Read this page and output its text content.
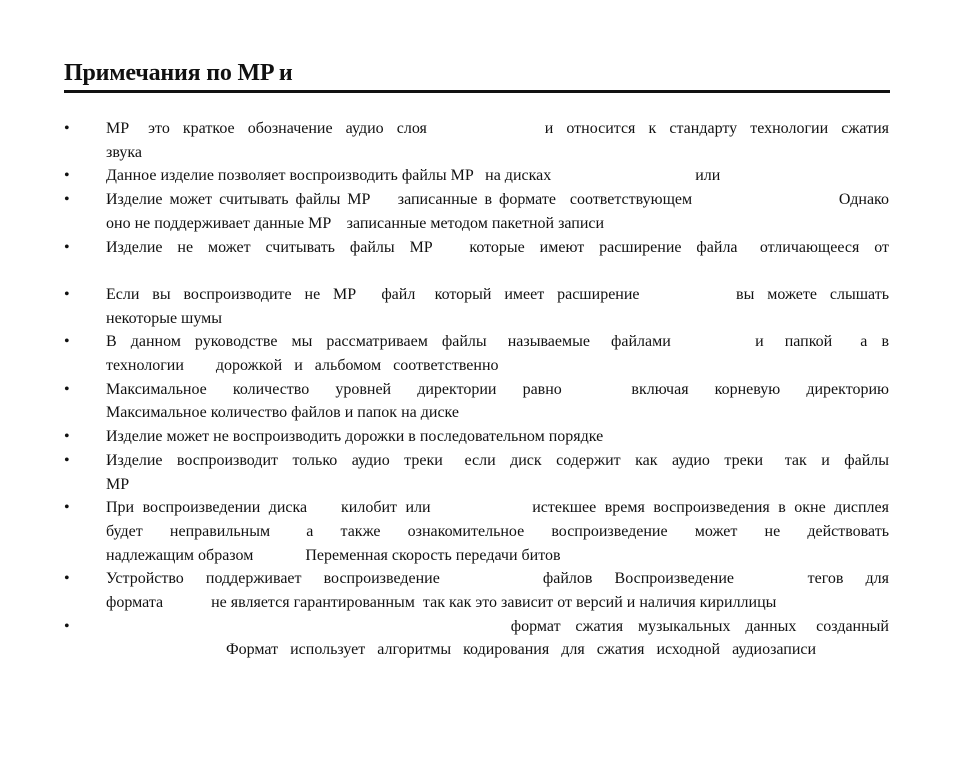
Примечания по MP и
•
MP   это  краткое  обозначение  аудио  слоя                  и  относится  к  стандарту  технологии  сжатия
звука
•
Данное изделие позволяет воспроизводить файлы MP   на дисках                                    или
•
Изделие может считывать файлы MP    записанные в формате  соответствующем                     Однако
оно не поддерживает данные MP    записанные методом пакетной записи
•
Изделие  не  может  считывать  файлы  MP     которые  имеют  расширение  файла   отличающееся  от
•
Если  вы  воспроизводите  не  MP    файл   который  имеет  расширение               вы  можете  слышать
некоторые шумы
•
В  данном  руководстве  мы  рассматриваем  файлы   называемые   файлами            и   папкой    а  в
технологии        дорожкой   и   альбомом   соответственно
•
Максимальное   количество   уровней   директории   равно        включая   корневую   директорию
Максимальное количество файлов и папок на диске
•
Изделие может не воспроизводить дорожки в последовательном порядке
•
Изделие  воспроизводит  только  аудио  треки   если  диск  содержит  как  аудио  треки   так  и  файлы
MP
•
При воспроизведении диска    килобит или            истекшее время воспроизведения в окне дисплея
будет   неправильным    а   также   ознакомительное   воспроизведение   может   не   действовать
надлежащим образом             Переменная скорость передачи битов
•
Устройство   поддерживает   воспроизведение              файлов   Воспроизведение          тегов   для
формата            не является гарантированным  так как это зависит от версий и наличия кириллицы
•
формат   сжатия   музыкальных   данных    созданный
Формат   использует   алгоритмы   кодирования   для   сжатия   исходной   аудиозаписи
